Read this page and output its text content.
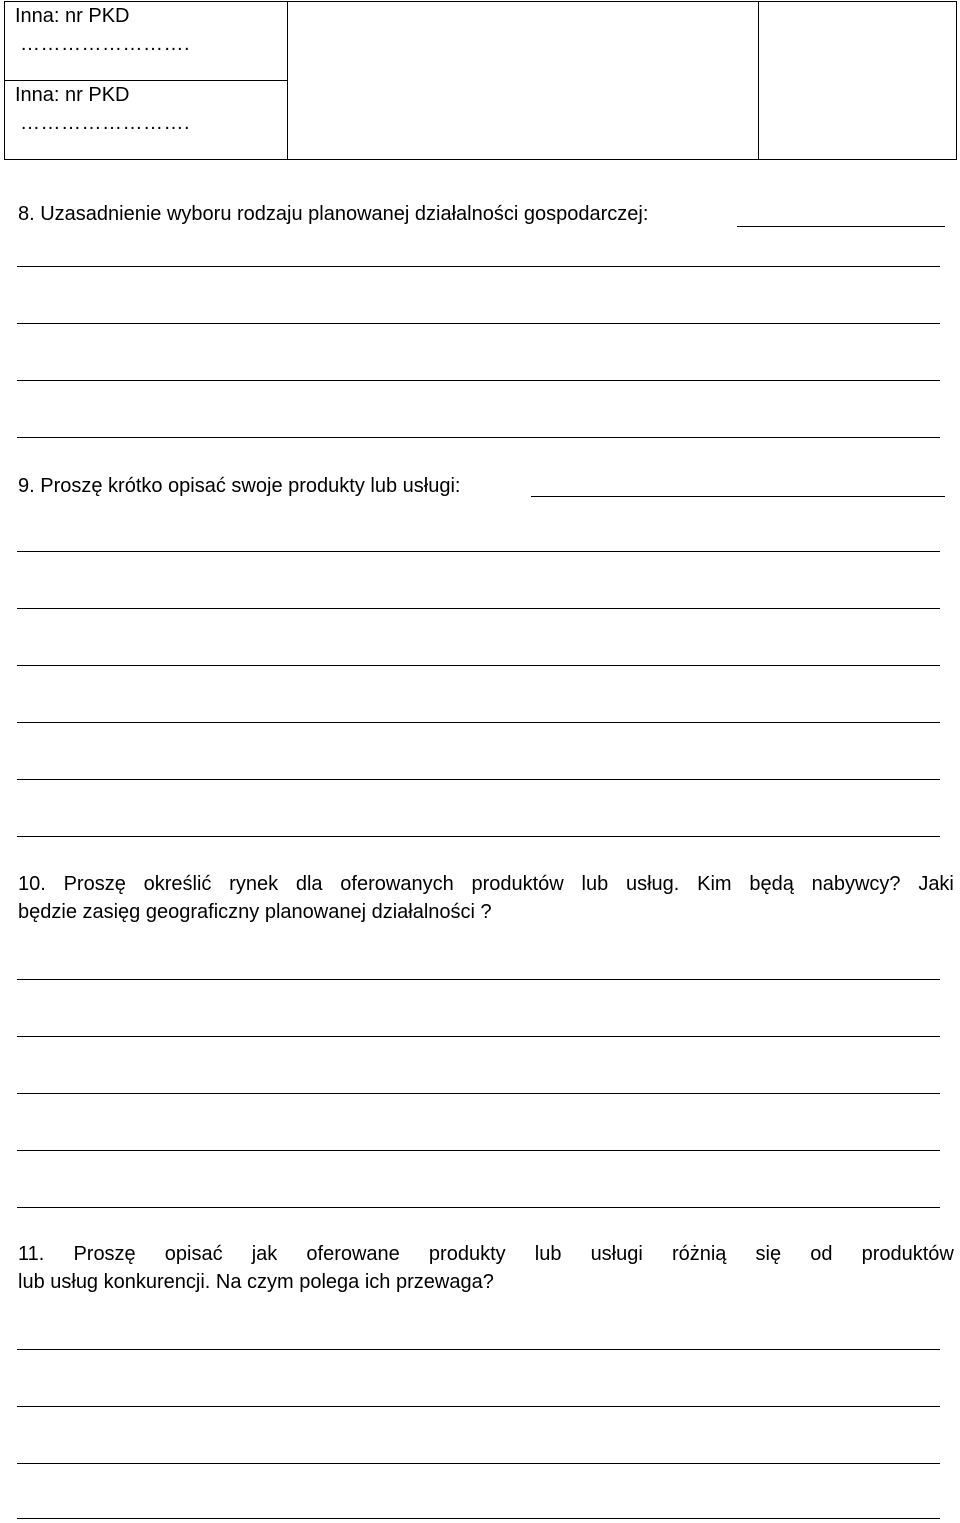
Inna: nr PKD
…………………….

Inna: nr PKD
…………………….
8. Uzasadnienie wyboru rodzaju planowanej działalności gospodarczej:
9. Proszę krótko opisać swoje produkty lub usługi:
10. Proszę określić rynek dla oferowanych produktów lub usług. Kim będą nabywcy? Jaki
będzie zasięg geograficzny planowanej działalności ?
11. Proszę opisać jak oferowane produkty lub usługi różnią się od produktów
lub usług konkurencji. Na czym polega ich przewaga?
